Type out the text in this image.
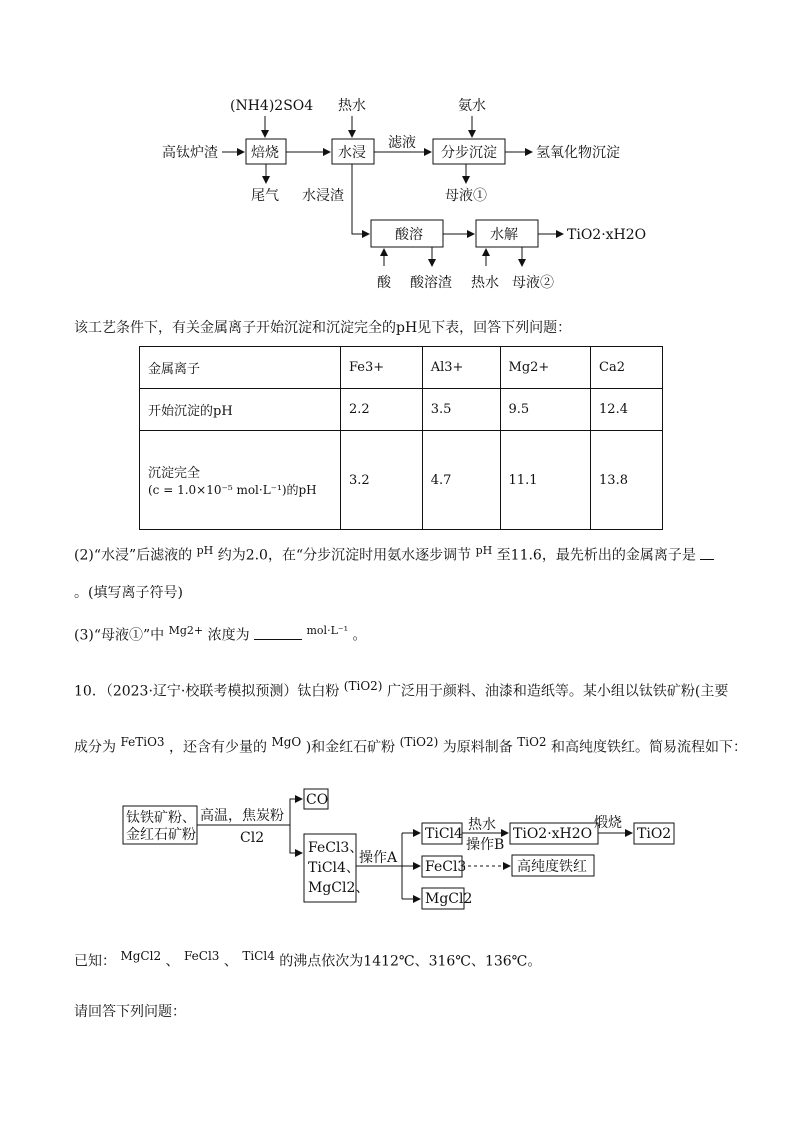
(NH4)2SO4 热水	氨水
高钛炉渣 焙烧	水浸
滤液
分步沉淀	氢氧化物沉淀
尾气 水浸渣	母液①
酸溶	水解	TiO2·xH2O
酸 酸溶渣 热水 母液②
该工艺条件下，有关金属离子开始沉淀和沉淀完全的pH见下表，回答下列问题：
金属离子	Fe3+	Al3+	Mg2+	Ca2
开始沉淀的pH	2.2	3.5	9.5	12.4

沉淀完全
(c = 1.0×10⁻⁵ mol·L⁻¹)的pH	3.2	4.7	11.1	13.8
(2)“水浸”后滤液的 $^{pH}$ 约为2.0，在“分步沉淀时用氨水逐步调节 $^{pH}$ 至11.6，最先析出的金属离子是
。(填写离子符号)
(3)“母液①”中 $^{Mg2+}$ 浓度为	$^{mol\cdot L^{-1}}$ 。
10．（2023·辽宁·校联考模拟预测）钛白粉 (TiO2) 广泛用于颜料、油漆和造纸等。某小组以钛铁矿粉(主要
成分为 FeTiO3 ，还含有少量的 MgO )和金红石矿粉 (TiO2) 为原料制备 TiO2 和高纯度铁红。简易流程如下：
钛铁矿粉、
金红石矿粉
高温，焦炭粉
Cl2
CO
FeCl3、
TiCl4、
MgCl2、
操作A
TiCl4
热水
操作B
TiO2·xH2O
煅烧
TiO2
FeCl3	高纯度铁红
MgCl2
已知： MgCl2 、 FeCl3 、 TiCl4 的沸点依次为1412℃、316℃、136℃。
请回答下列问题：
